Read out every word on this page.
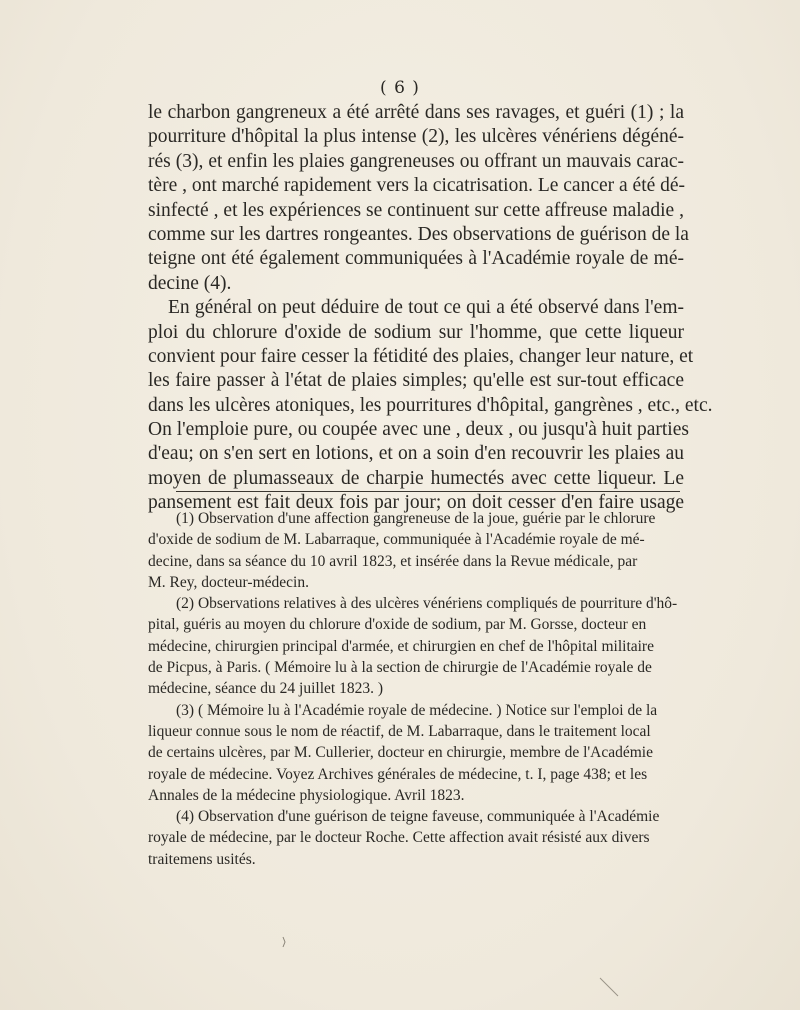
( 6 )
le charbon gangreneux a été arrêté dans ses ravages, et guéri (1) ; la
pourriture d'hôpital la plus intense (2), les ulcères vénériens dégéné-
rés (3), et enfin les plaies gangreneuses ou offrant un mauvais carac-
tère , ont marché rapidement vers la cicatrisation. Le cancer a été dé-
sinfecté , et les expériences se continuent sur cette affreuse maladie ,
comme sur les dartres rongeantes. Des observations de guérison de la
teigne ont été également communiquées à l'Académie royale de mé-
decine (4).
En général on peut déduire de tout ce qui a été observé dans l'em-
ploi du chlorure d'oxide de sodium sur l'homme, que cette liqueur
convient pour faire cesser la fétidité des plaies, changer leur nature, et
les faire passer à l'état de plaies simples; qu'elle est sur-tout efficace
dans les ulcères atoniques, les pourritures d'hôpital, gangrènes , etc., etc.
On l'emploie pure, ou coupée avec une , deux , ou jusqu'à huit parties
d'eau; on s'en sert en lotions, et on a soin d'en recouvrir les plaies au
moyen de plumasseaux de charpie humectés avec cette liqueur. Le
pansement est fait deux fois par jour; on doit cesser d'en faire usage
(1) Observation d'une affection gangreneuse de la joue, guérie par le chlorure
d'oxide de sodium de M. Labarraque, communiquée à l'Académie royale de mé-
decine, dans sa séance du 10 avril 1823, et insérée dans la Revue médicale, par
M. Rey, docteur-médecin.
(2) Observations relatives à des ulcères vénériens compliqués de pourriture d'hô-
pital, guéris au moyen du chlorure d'oxide de sodium, par M. Gorsse, docteur en
médecine, chirurgien principal d'armée, et chirurgien en chef de l'hôpital militaire
de Picpus, à Paris. ( Mémoire lu à la section de chirurgie de l'Académie royale de
médecine, séance du 24 juillet 1823. )
(3) ( Mémoire lu à l'Académie royale de médecine. ) Notice sur l'emploi de la
liqueur connue sous le nom de réactif, de M. Labarraque, dans le traitement local
de certains ulcères, par M. Cullerier, docteur en chirurgie, membre de l'Académie
royale de médecine. Voyez Archives générales de médecine, t. I, page 438; et les
Annales de la médecine physiologique. Avril 1823.
(4) Observation d'une guérison de teigne faveuse, communiquée à l'Académie
royale de médecine, par le docteur Roche. Cette affection avait résisté aux divers
traitemens usités.
